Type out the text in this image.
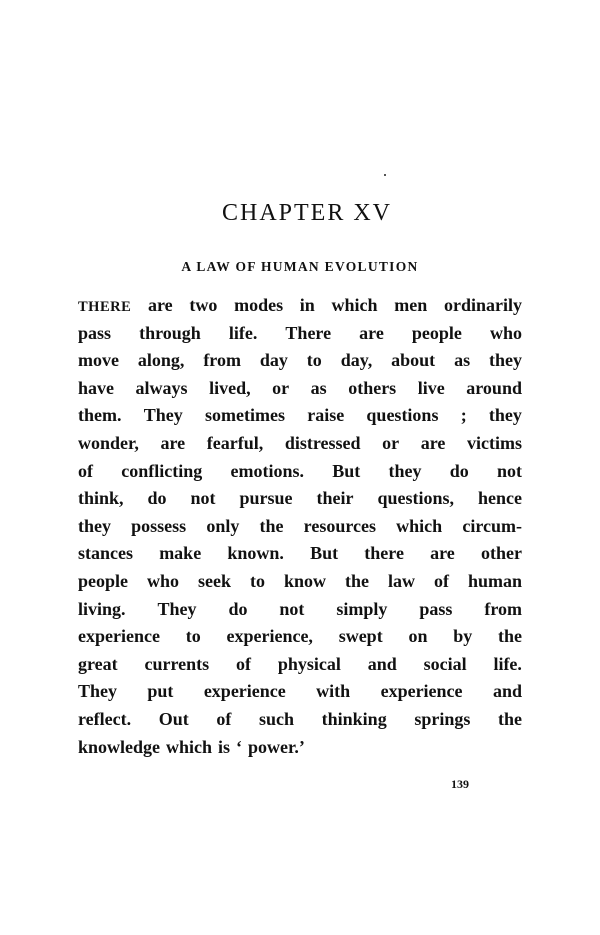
CHAPTER XV
A LAW OF HUMAN EVOLUTION
THERE are two modes in which men ordinarily
pass through life. There are people who
move along, from day to day, about as they
have always lived, or as others live around
them. They sometimes raise questions ; they
wonder, are fearful, distressed or are victims
of conflicting emotions. But they do not
think, do not pursue their questions, hence
they possess only the resources which circum-
stances make known. But there are other
people who seek to know the law of human
living. They do not simply pass from
experience to experience, swept on by the
great currents of physical and social life.
They put experience with experience and
reflect. Out of such thinking springs the
knowledge which is ‘ power.’
139
